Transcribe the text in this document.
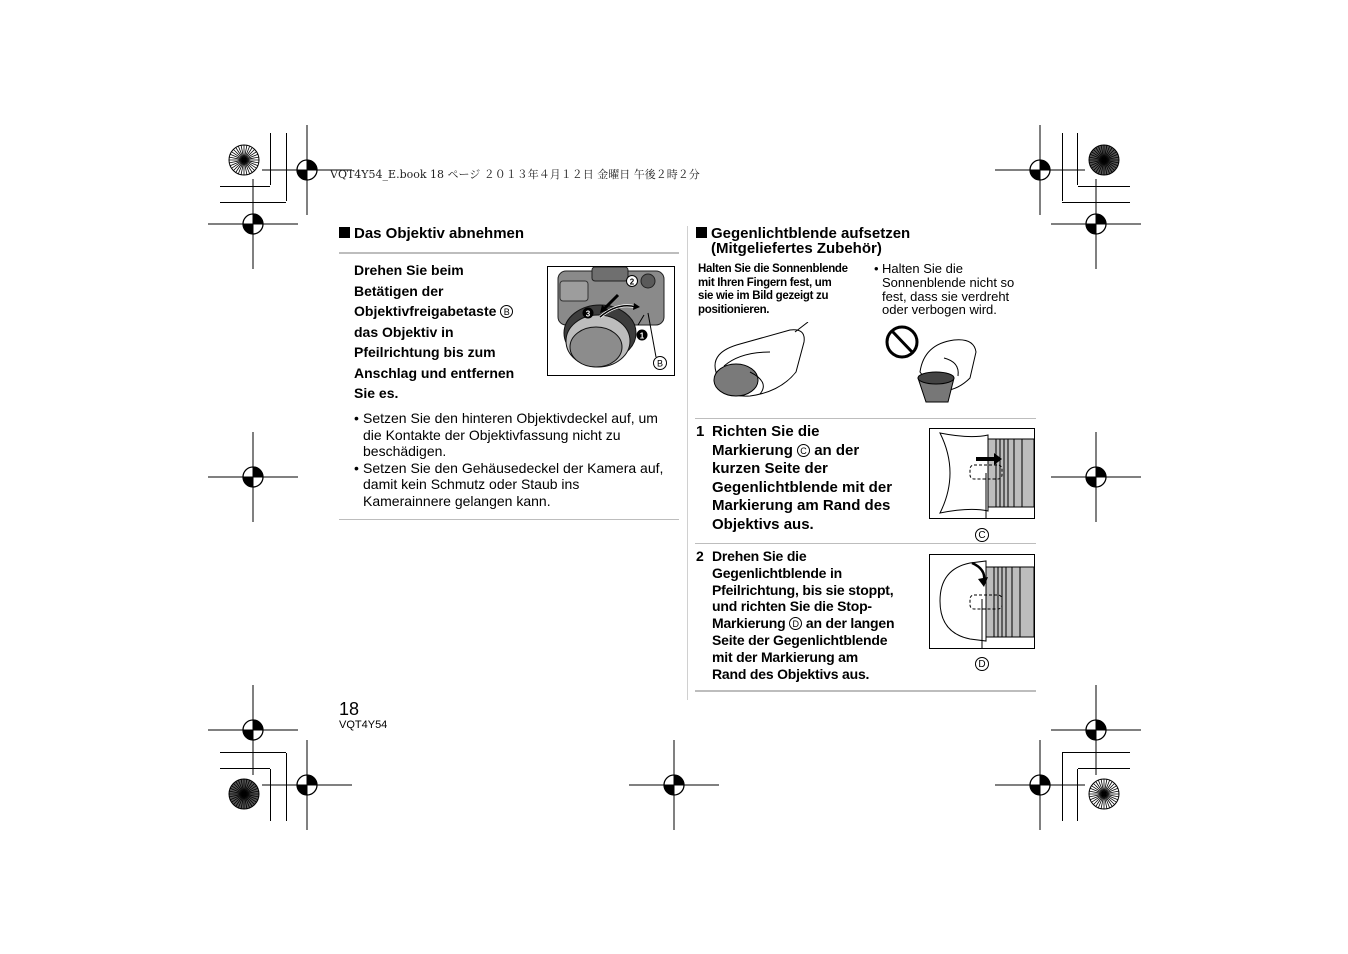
VQT4Y54_E.book 18 ページ ２０１３年４月１２日 金曜日 午後２時２分
Das Objektiv abnehmen
Drehen Sie beim
Betätigen der
Objektivfreigabetaste B
das Objektiv in
Pfeilrichtung bis zum
Anschlag und entfernen
Sie es.
2
3
1
B
• Setzen Sie den hinteren Objektivdeckel auf, um
die Kontakte der Objektivfassung nicht zu
beschädigen.
• Setzen Sie den Gehäusedeckel der Kamera auf,
damit kein Schmutz oder Staub ins
Kamerainnere gelangen kann.
Gegenlichtblende aufsetzen
(Mitgeliefertes Zubehör)
Halten Sie die Sonnenblende
mit Ihren Fingern fest, um
sie wie im Bild gezeigt zu
positionieren.
• Halten Sie die
Sonnenblende nicht so
fest, dass sie verdreht
oder verbogen wird.
1 Richten Sie die
Markierung C an der
kurzen Seite der
Gegenlichtblende mit der
Markierung am Rand des
Objektivs aus.
C
2 Drehen Sie die
Gegenlichtblende in
Pfeilrichtung, bis sie stoppt,
und richten Sie die Stop-
Markierung D an der langen
Seite der Gegenlichtblende
mit der Markierung am
Rand des Objektivs aus.
D
18
VQT4Y54
